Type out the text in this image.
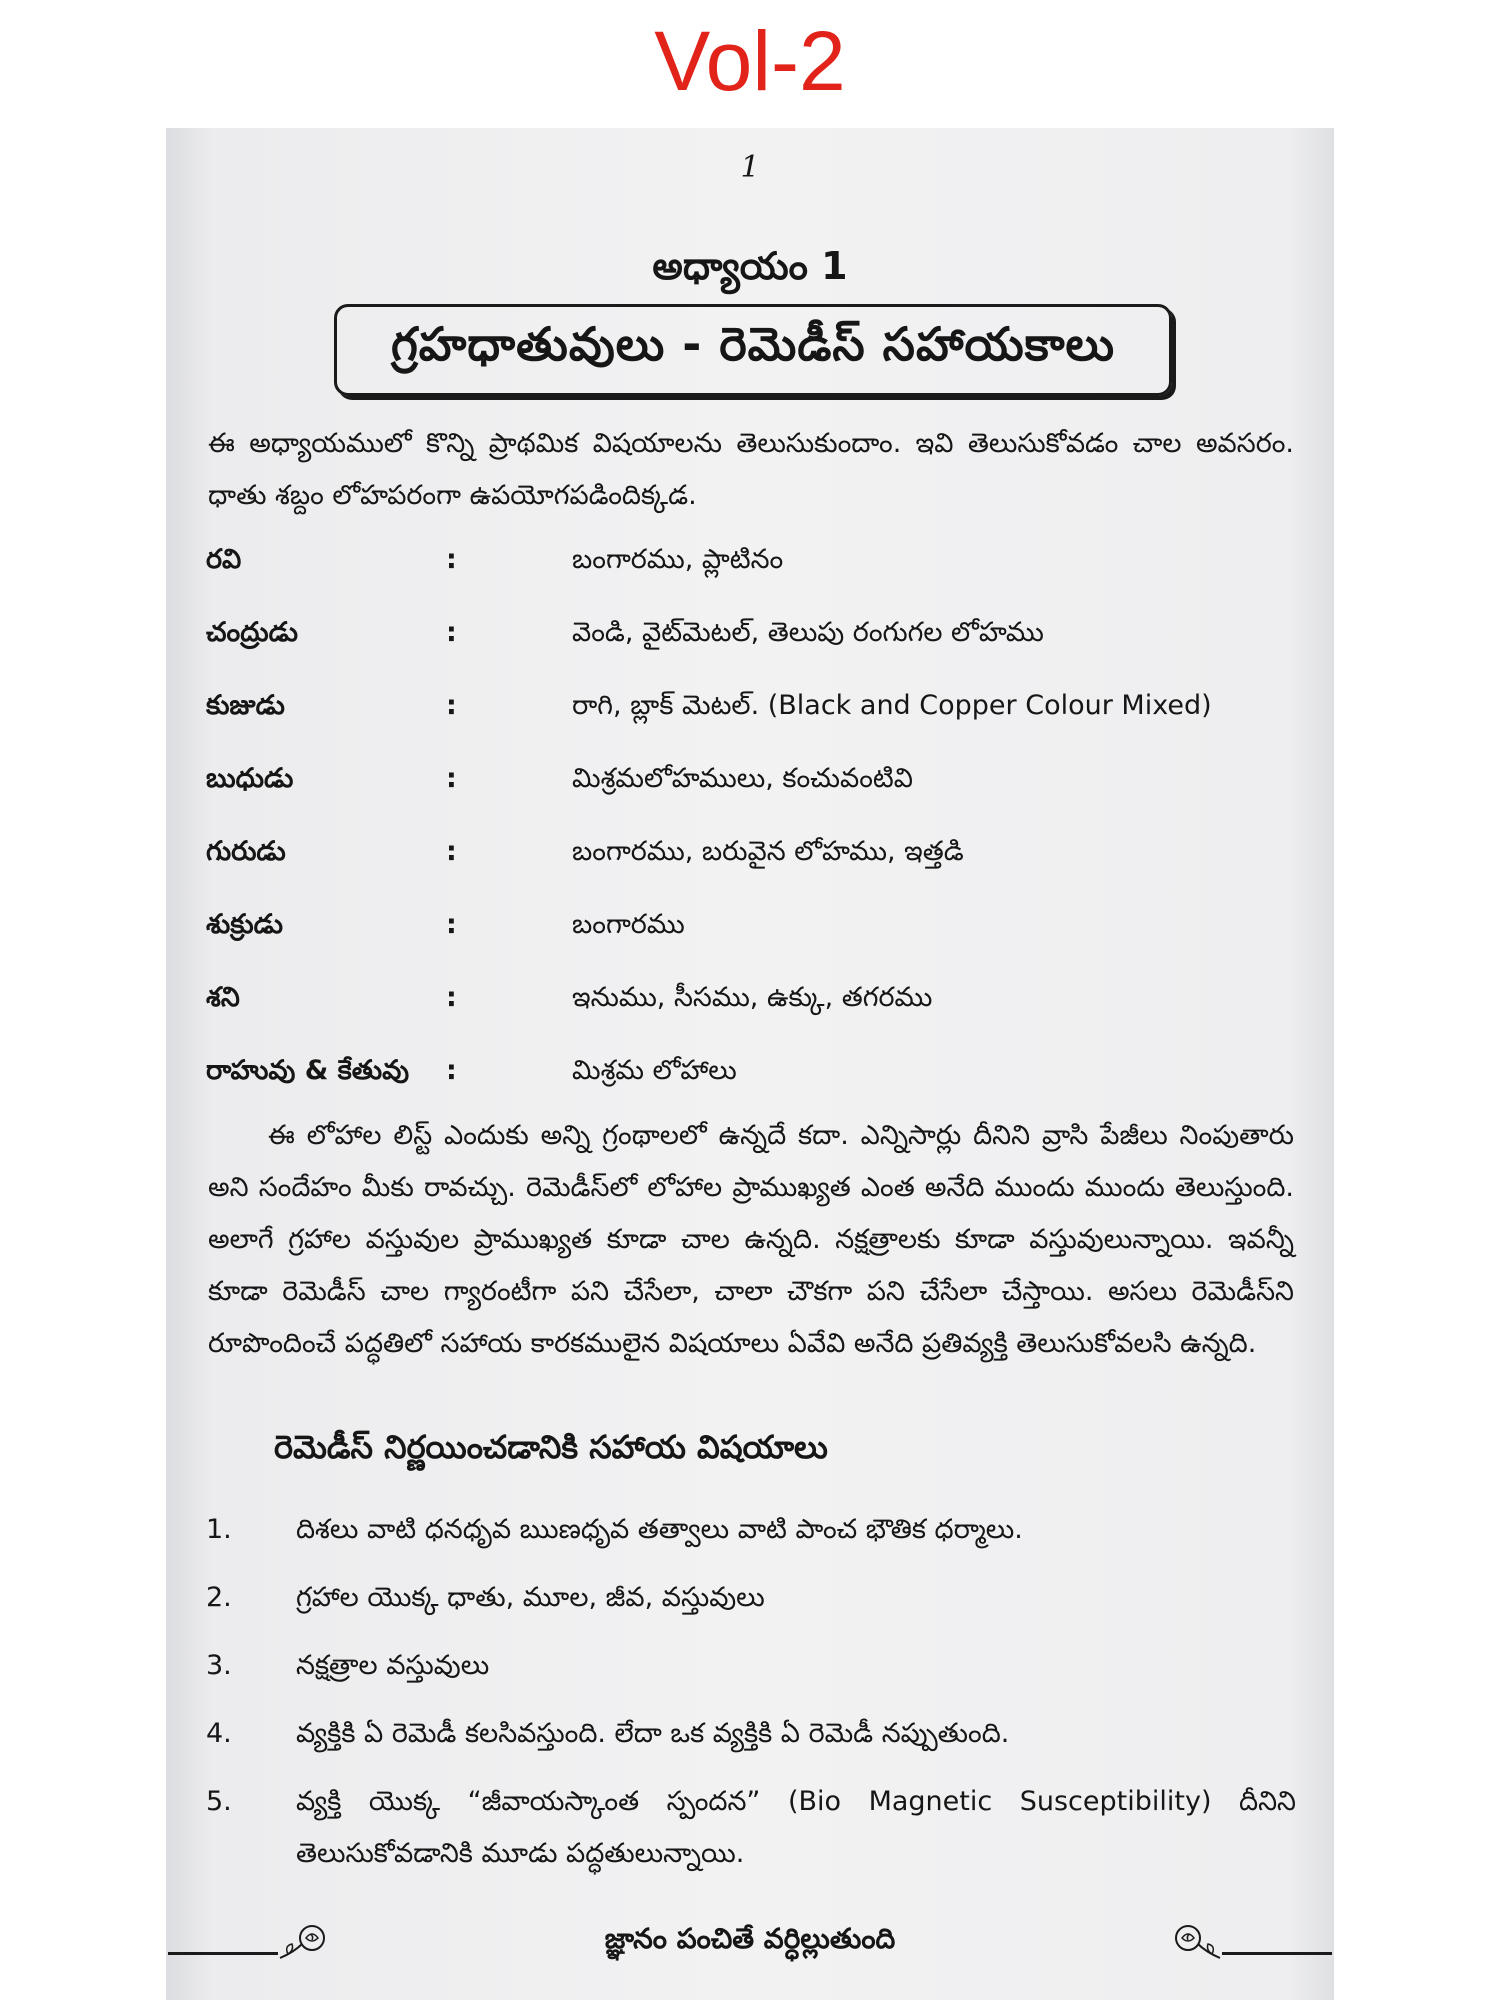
Vol-2
1
అధ్యాయం 1
గ్రహధాతువులు - రెమెడీస్ సహాయకాలు

ఈ అధ్యాయములో కొన్ని ప్రాథమిక విషయాలను తెలుసుకుందాం. ఇవి తెలుసుకోవడం చాల అవసరం. ధాతు శబ్దం లోహపరంగా ఉపయోగపడిందిక్కడ.

రవి	:	బంగారము, ప్లాటినం
చంద్రుడు	:	వెండి, వైట్‌మెటల్, తెలుపు రంగుగల లోహము
కుజుడు	:	రాగి, బ్లాక్ మెటల్. (Black and Copper Colour Mixed)
బుధుడు	:	మిశ్రమలోహములు, కంచువంటివి
గురుడు	:	బంగారము, బరువైన లోహము, ఇత్తడి
శుక్రుడు	:	బంగారము
శని	:	ఇనుము, సీసము, ఉక్కు, తగరము
రాహువు & కేతువు :	మిశ్రమ లోహాలు

ఈ లోహాల లిస్ట్ ఎందుకు అన్ని గ్రంథాలలో ఉన్నదే కదా. ఎన్నిసార్లు దీనిని వ్రాసి పేజీలు నింపుతారు అని సందేహం మీకు రావచ్చు. రెమెడీస్‌లో లోహాల ప్రాముఖ్యత ఎంత అనేది ముందు ముందు తెలుస్తుంది. అలాగే గ్రహాల వస్తువుల ప్రాముఖ్యత కూడా చాల ఉన్నది. నక్షత్రాలకు కూడా వస్తువులున్నాయి. ఇవన్నీ కూడా రెమెడీస్ చాల గ్యారంటీగా పని చేసేలా, చాలా చౌకగా పని చేసేలా చేస్తాయి. అసలు రెమెడీస్‌ని రూపొందించే పద్ధతిలో సహాయ కారకములైన విషయాలు ఏవేవి అనేది ప్రతివ్యక్తి తెలుసుకోవలసి ఉన్నది.

రెమెడీస్ నిర్ణయించడానికి సహాయ విషయాలు
1. దిశలు వాటి ధనధృవ ఋణధృవ తత్వాలు వాటి పాంచ భౌతిక ధర్మాలు.
2. గ్రహాల యొక్క ధాతు, మూల, జీవ, వస్తువులు
3. నక్షత్రాల వస్తువులు
4. వ్యక్తికి ఏ రెమెడీ కలసివస్తుంది. లేదా ఒక వ్యక్తికి ఏ రెమెడీ నప్పుతుంది.
5. వ్యక్తి యొక్క “జీవాయస్కాంత స్పందన” (Bio Magnetic Susceptibility) దీనిని తెలుసుకోవడానికి మూడు పద్ధతులున్నాయి.
జ్ఞానం పంచితే వర్ధిల్లుతుంది
